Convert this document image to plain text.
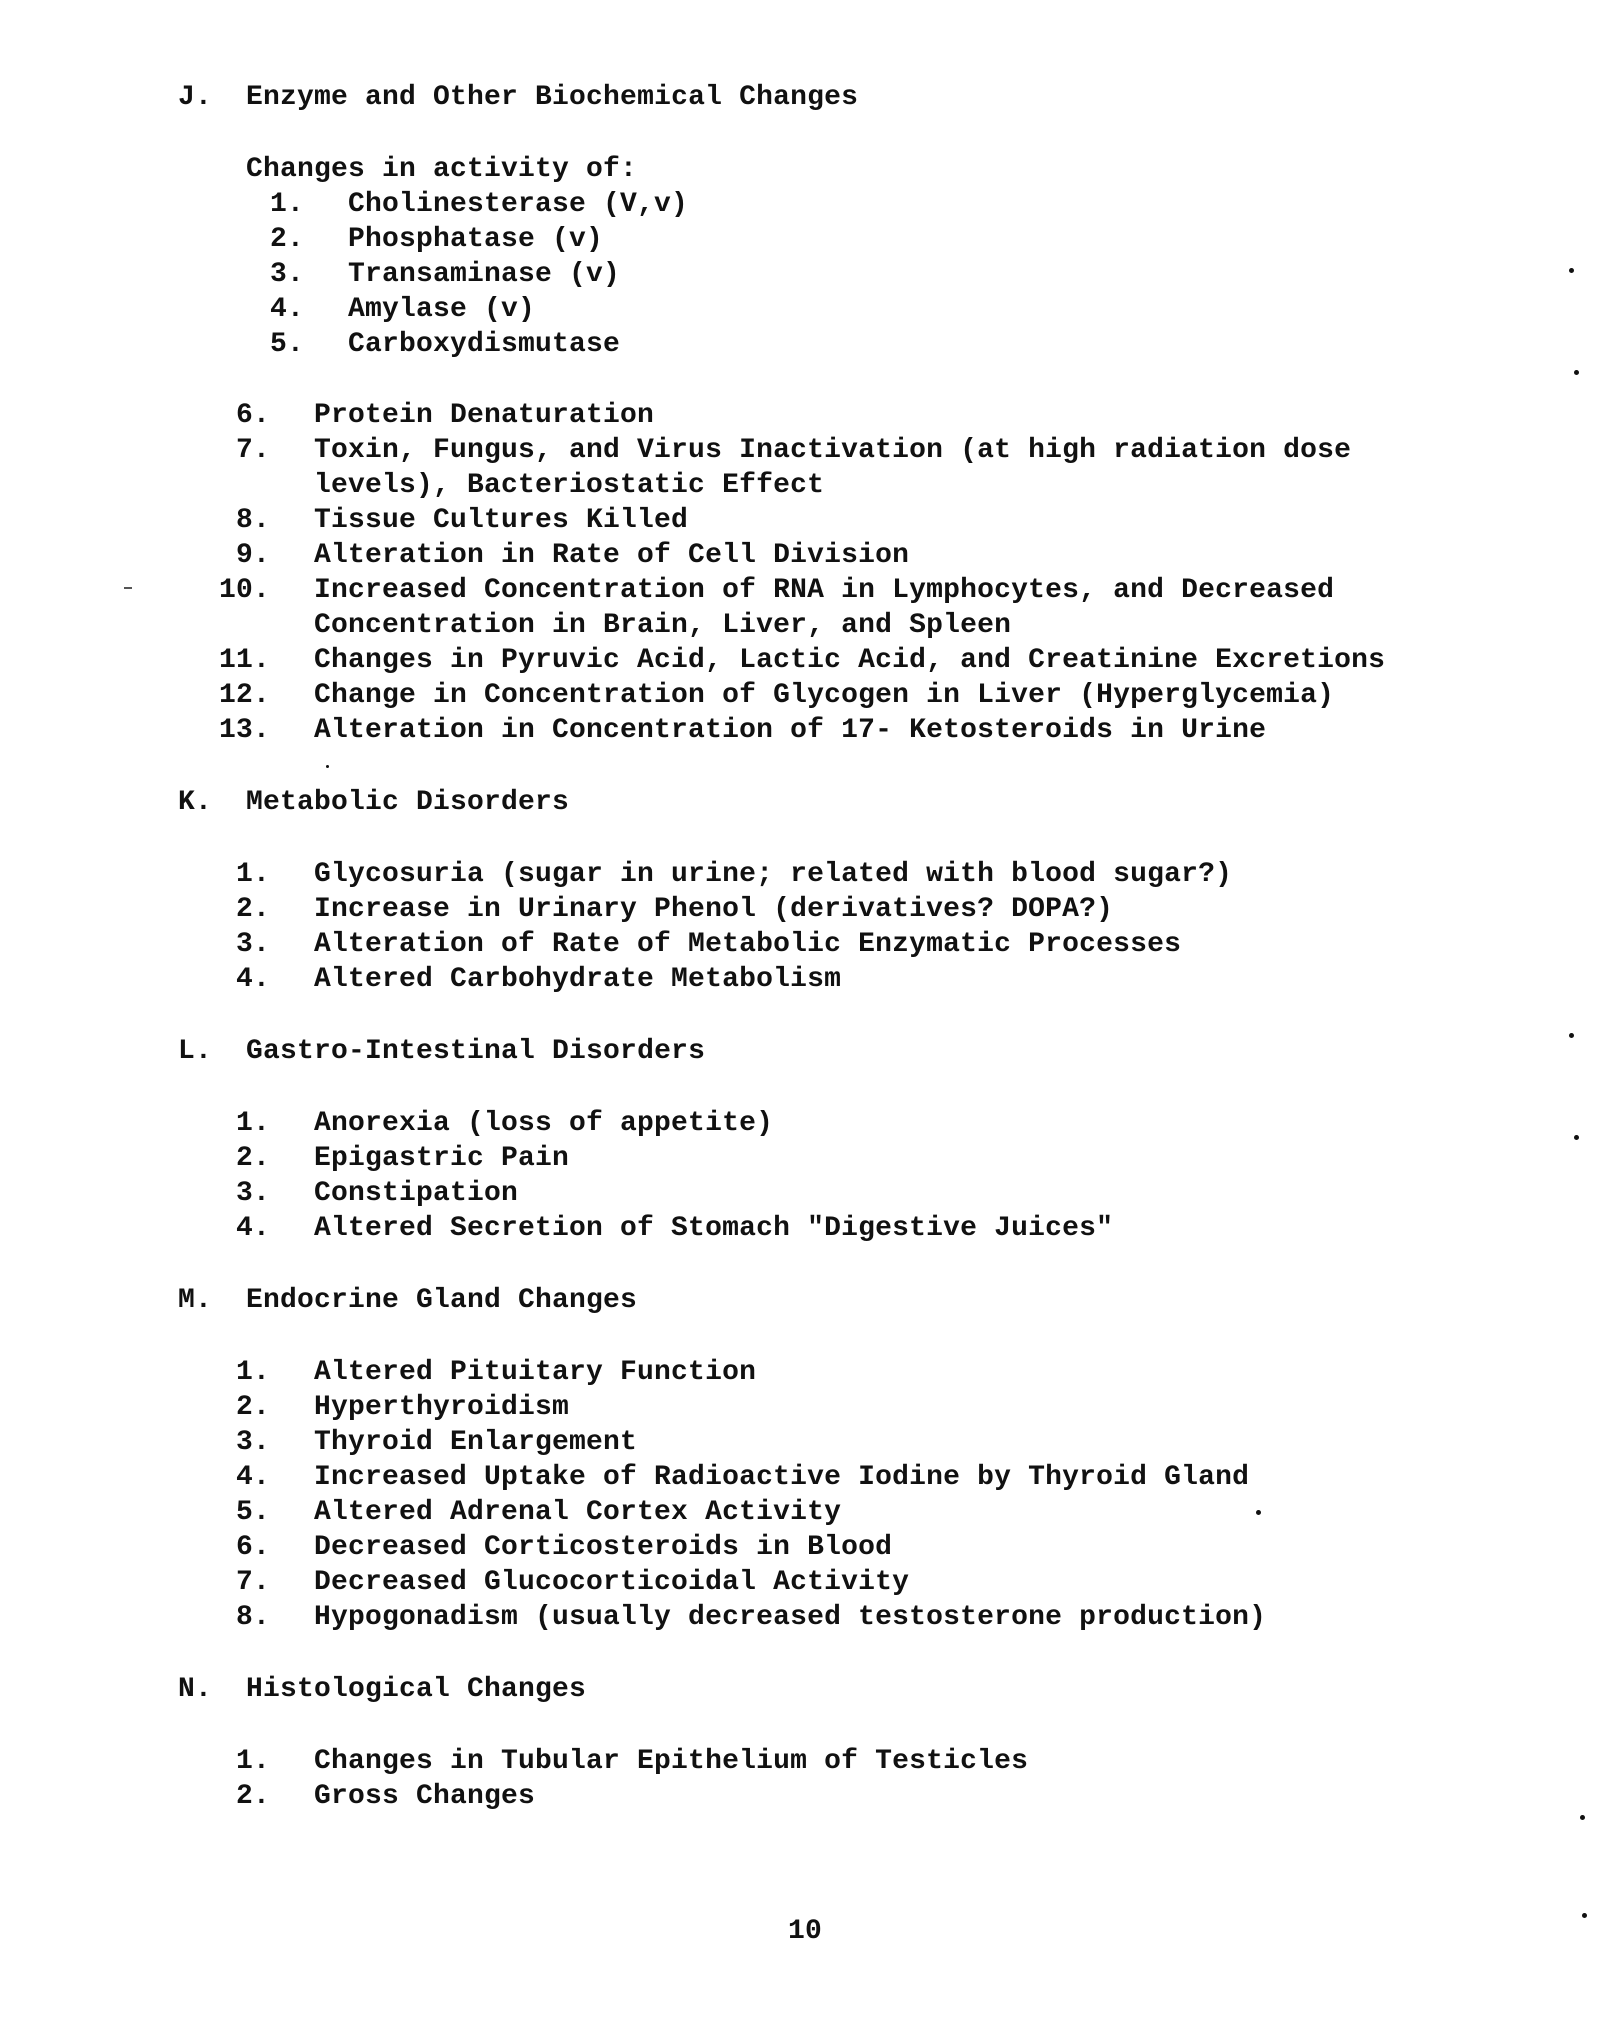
J. Enzyme and Other Biochemical Changes
Changes in activity of:
1. Cholinesterase (V,v)
2. Phosphatase (v)
3. Transaminase (v)
4. Amylase (v)
5. Carboxydismutase
6. Protein Denaturation
7. Toxin, Fungus, and Virus Inactivation (at high radiation dose
levels), Bacteriostatic Effect
8. Tissue Cultures Killed
9. Alteration in Rate of Cell Division
10. Increased Concentration of RNA in Lymphocytes, and Decreased
Concentration in Brain, Liver, and Spleen
11. Changes in Pyruvic Acid, Lactic Acid, and Creatinine Excretions
12. Change in Concentration of Glycogen in Liver (Hyperglycemia)
13. Alteration in Concentration of 17- Ketosteroids in Urine
K. Metabolic Disorders
1. Glycosuria (sugar in urine; related with blood sugar?)
2. Increase in Urinary Phenol (derivatives? DOPA?)
3. Alteration of Rate of Metabolic Enzymatic Processes
4. Altered Carbohydrate Metabolism
L. Gastro-Intestinal Disorders
1. Anorexia (loss of appetite)
2. Epigastric Pain
3. Constipation
4. Altered Secretion of Stomach "Digestive Juices"
M. Endocrine Gland Changes
1. Altered Pituitary Function
2. Hyperthyroidism
3. Thyroid Enlargement
4. Increased Uptake of Radioactive Iodine by Thyroid Gland
5. Altered Adrenal Cortex Activity
6. Decreased Corticosteroids in Blood
7. Decreased Glucocorticoidal Activity
8. Hypogonadism (usually decreased testosterone production)
N. Histological Changes
1. Changes in Tubular Epithelium of Testicles
2. Gross Changes
10
